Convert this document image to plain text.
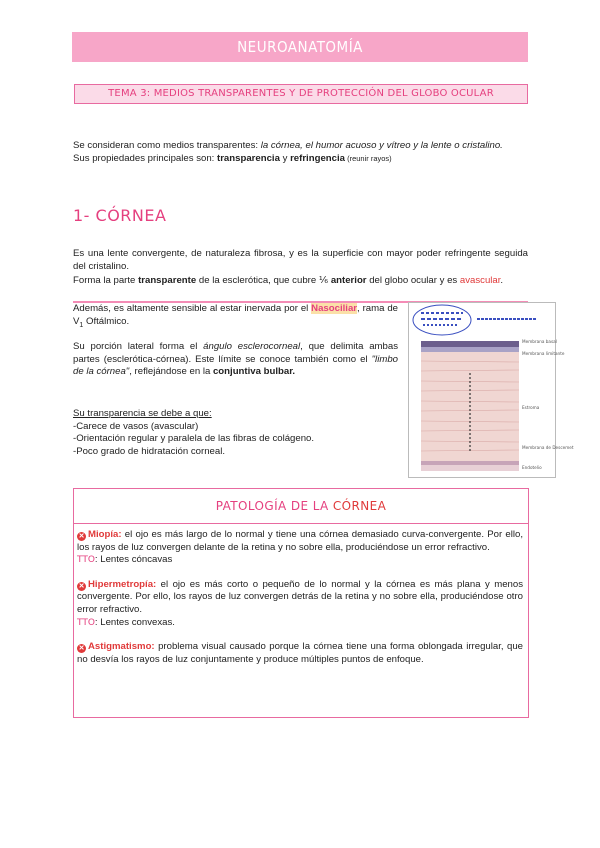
NEUROANATOMÍA
TEMA 3: MEDIOS TRANSPARENTES Y DE PROTECCIÓN DEL GLOBO OCULAR

Se consideran como medios transparentes: la córnea, el humor acuoso y vítreo y la lente o cristalino.

Sus propiedades principales son: transparencia y refringencia (reunir rayos)

1- CÓRNEA

Es una lente convergente, de naturaleza fibrosa, y es la superficie con mayor poder refringente seguida del cristalino.

Forma la parte transparente de la esclerótica, que cubre ⅙ anterior del globo ocular y es avascular.

Además, es altamente sensible al estar inervada por el Nasociliar, rama de $V_1$ Oftálmico.

Su porción lateral forma el ángulo esclerocorneal, que delimita ambas partes (esclerótica-córnea). Este límite se conoce también como el "limbo de la córnea", reflejándose en la conjuntiva bulbar.

Su transparencia se debe a que:

-Carece de vasos (avascular)

-Orientación regular y paralela de las fibras de colágeno.

-Poco grado de hidratación corneal.

Membrana basal
Membrana limitante
Estroma
Membrana de Descemet
Endotelio
PATOLOGÍA DE LA CÓRNEA

✕ Miopía: el ojo es más largo de lo normal y tiene una córnea demasiado curva-convergente. Por ello, los rayos de luz convergen delante de la retina y no sobre ella, produciéndose un error refractivo.

TTO: Lentes cóncavas

✕ Hipermetropía: el ojo es más corto o pequeño de lo normal y la córnea es más plana y menos convergente. Por ello, los rayos de luz convergen detrás de la retina y no sobre ella, produciéndose otro error refractivo.

TTO: Lentes convexas.

✕ Astigmatismo: problema visual causado porque la córnea tiene una forma oblongada irregular, que no desvía los rayos de luz conjuntamente y produce múltiples puntos de enfoque.
